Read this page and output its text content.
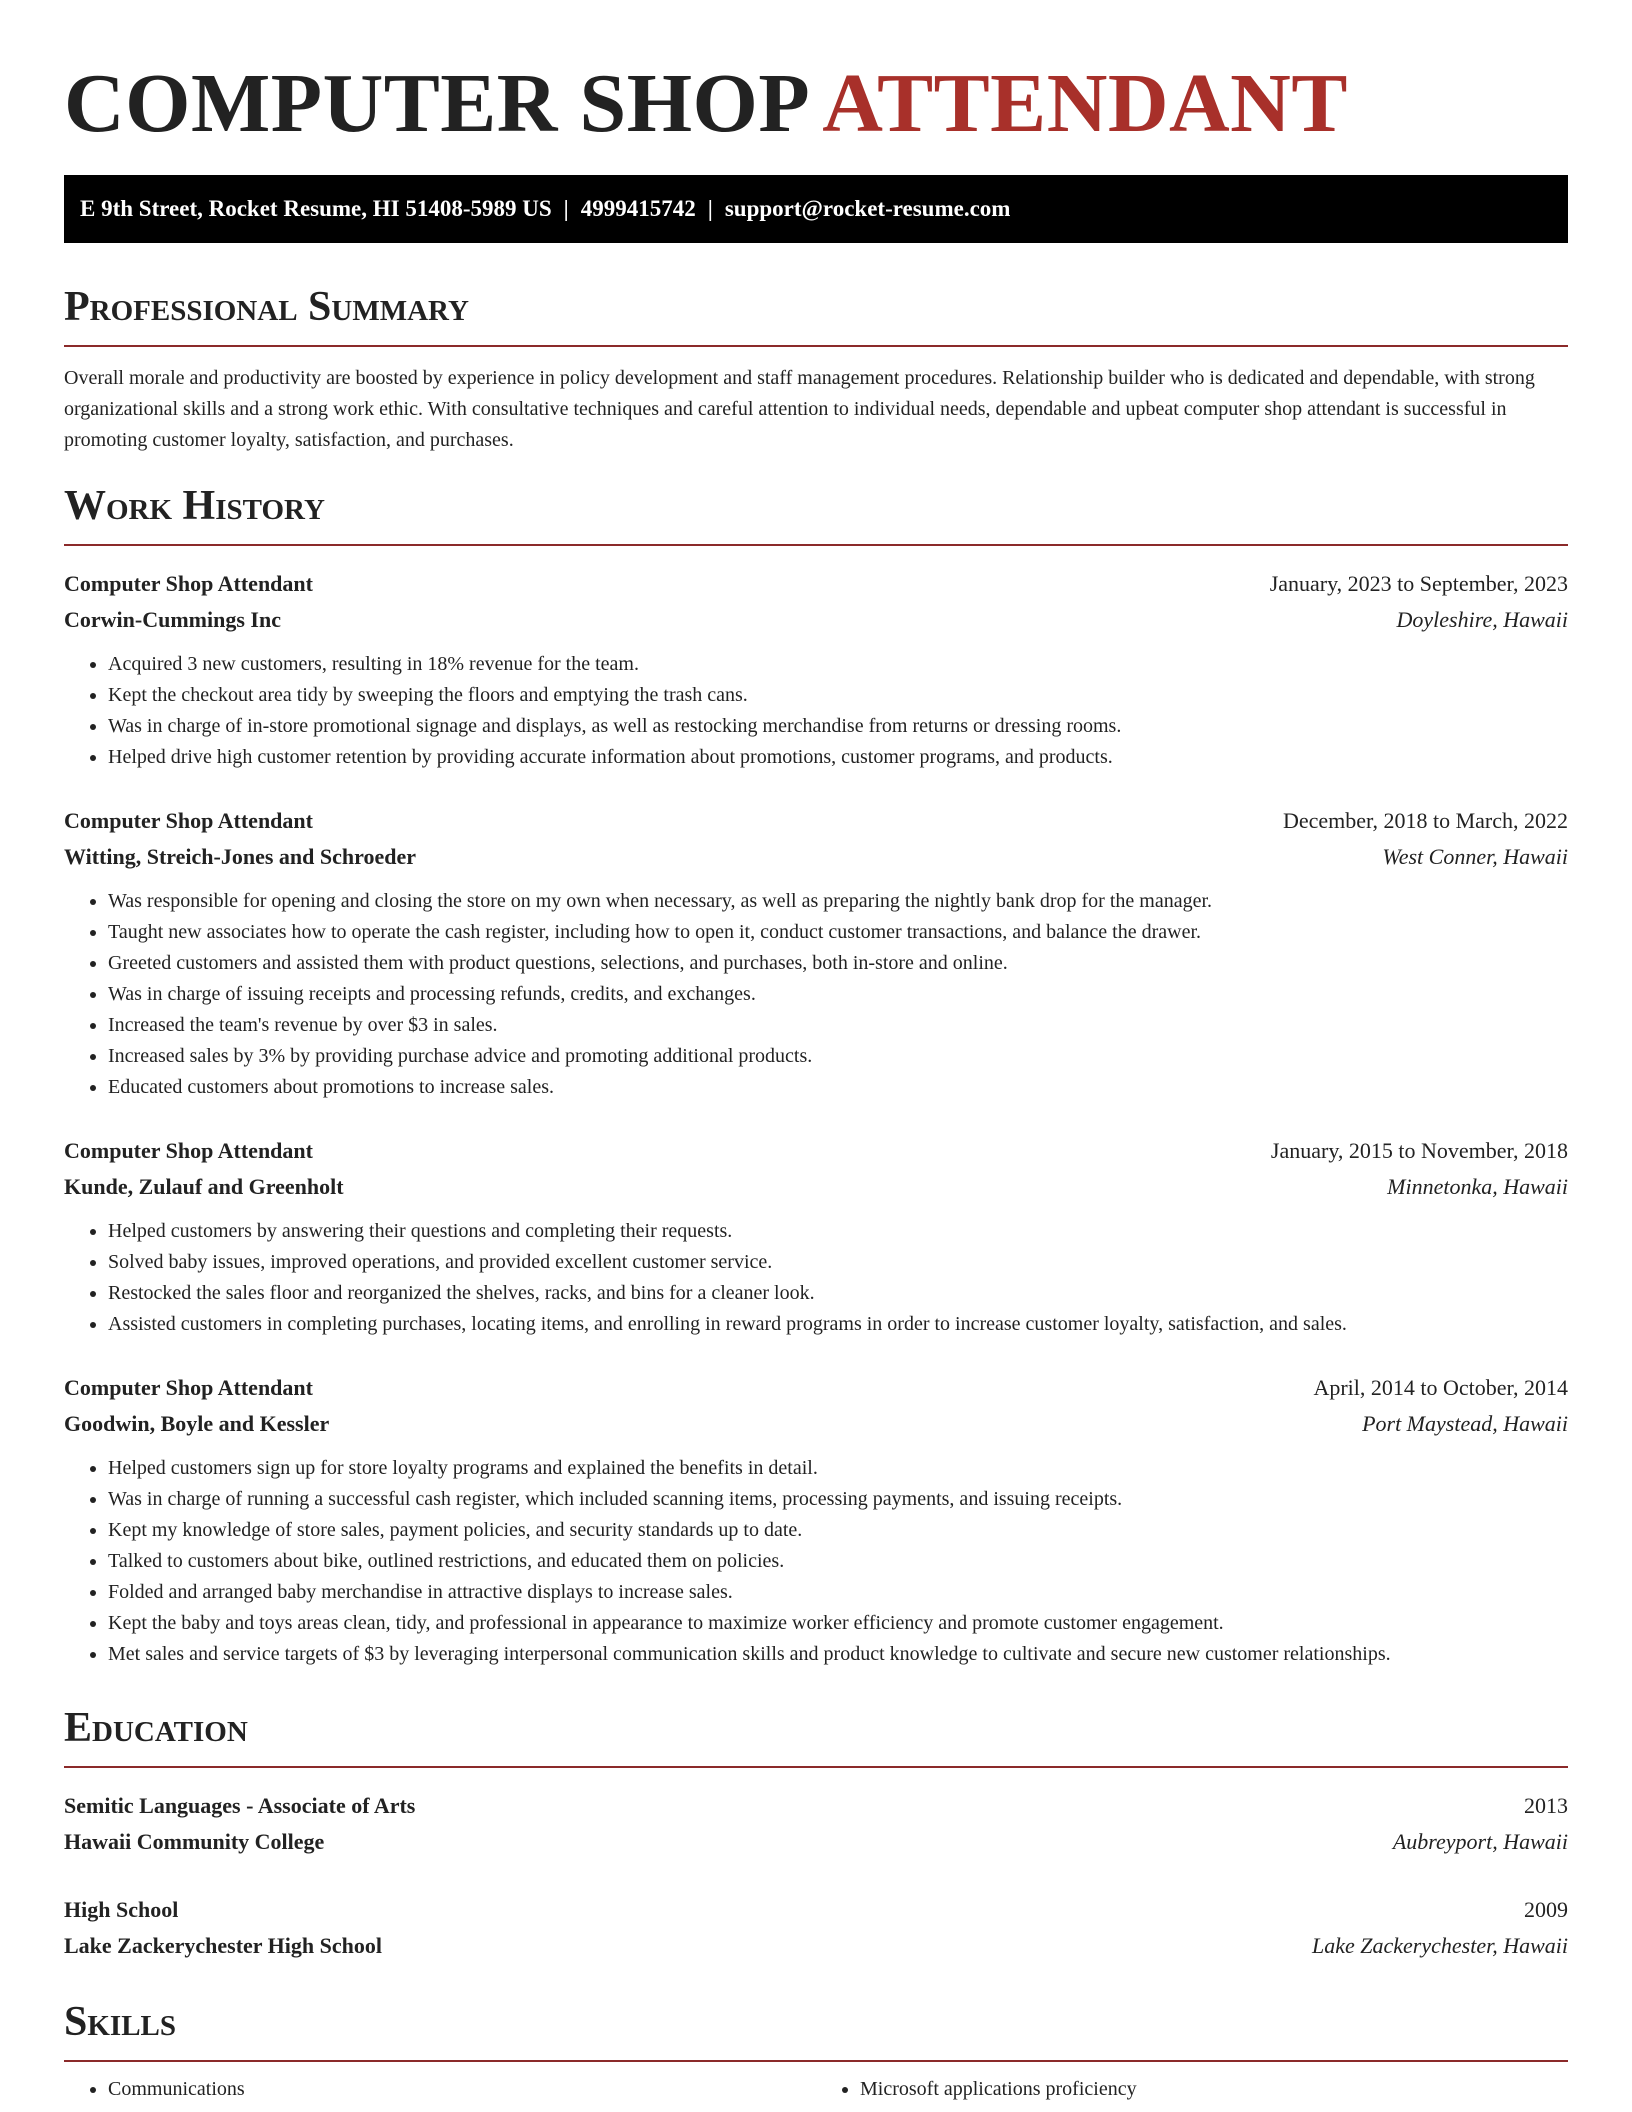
COMPUTER SHOP ATTENDANT
E 9th Street, Rocket Resume, HI 51408-5989 US | 4999415742 | support@rocket-resume.com
Professional Summary

Overall morale and productivity are boosted by experience in policy development and staff management procedures. Relationship builder who is dedicated and dependable, with strong organizational skills and a strong work ethic. With consultative techniques and careful attention to individual needs, dependable and upbeat computer shop attendant is successful in promoting customer loyalty, satisfaction, and purchases.

Work History
Computer Shop Attendant	January, 2023 to September, 2023
Corwin-Cummings Inc	Doyleshire, Hawaii
• Acquired 3 new customers, resulting in 18% revenue for the team.
• Kept the checkout area tidy by sweeping the floors and emptying the trash cans.
• Was in charge of in-store promotional signage and displays, as well as restocking merchandise from returns or dressing rooms.
• Helped drive high customer retention by providing accurate information about promotions, customer programs, and products.
Computer Shop Attendant	December, 2018 to March, 2022
Witting, Streich-Jones and Schroeder	West Conner, Hawaii
• Was responsible for opening and closing the store on my own when necessary, as well as preparing the nightly bank drop for the manager.
• Taught new associates how to operate the cash register, including how to open it, conduct customer transactions, and balance the drawer.
• Greeted customers and assisted them with product questions, selections, and purchases, both in-store and online.
• Was in charge of issuing receipts and processing refunds, credits, and exchanges.
• Increased the team's revenue by over $3 in sales.
• Increased sales by 3% by providing purchase advice and promoting additional products.
• Educated customers about promotions to increase sales.
Computer Shop Attendant	January, 2015 to November, 2018
Kunde, Zulauf and Greenholt	Minnetonka, Hawaii
• Helped customers by answering their questions and completing their requests.
• Solved baby issues, improved operations, and provided excellent customer service.
• Restocked the sales floor and reorganized the shelves, racks, and bins for a cleaner look.
• Assisted customers in completing purchases, locating items, and enrolling in reward programs in order to increase customer loyalty, satisfaction, and sales.
Computer Shop Attendant	April, 2014 to October, 2014
Goodwin, Boyle and Kessler	Port Maystead, Hawaii
• Helped customers sign up for store loyalty programs and explained the benefits in detail.
• Was in charge of running a successful cash register, which included scanning items, processing payments, and issuing receipts.
• Kept my knowledge of store sales, payment policies, and security standards up to date.
• Talked to customers about bike, outlined restrictions, and educated them on policies.
• Folded and arranged baby merchandise in attractive displays to increase sales.
• Kept the baby and toys areas clean, tidy, and professional in appearance to maximize worker efficiency and promote customer engagement.
• Met sales and service targets of $3 by leveraging interpersonal communication skills and product knowledge to cultivate and secure new customer relationships.
Education
Semitic Languages - Associate of Arts	2013
Hawaii Community College	Aubreyport, Hawaii
High School	2009
Lake Zackerychester High School	Lake Zackerychester, Hawaii
Skills
• Communications
•	Microsoft applications proficiency
